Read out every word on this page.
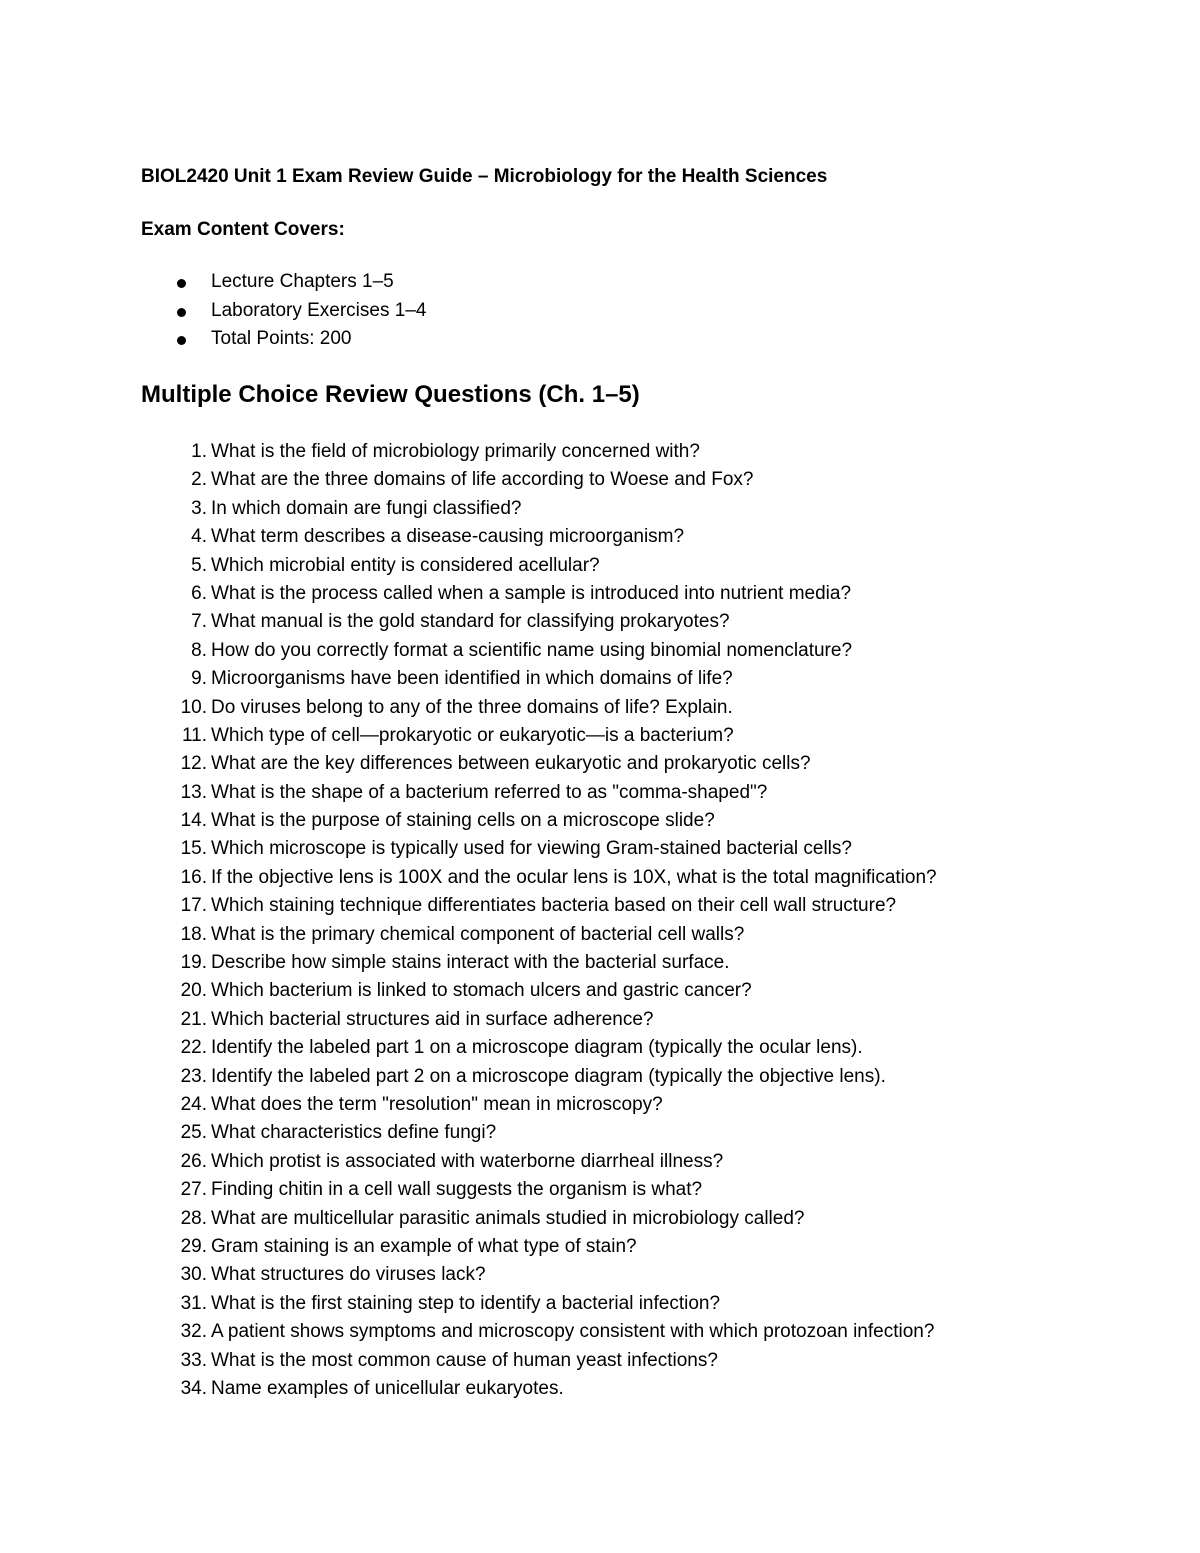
BIOL2420 Unit 1 Exam Review Guide – Microbiology for the Health Sciences

Exam Content Covers:

Lecture Chapters 1–5
Laboratory Exercises 1–4
Total Points: 200
Multiple Choice Review Questions (Ch. 1–5)
1. What is the field of microbiology primarily concerned with?
2. What are the three domains of life according to Woese and Fox?
3. In which domain are fungi classified?
4. What term describes a disease-causing microorganism?
5. Which microbial entity is considered acellular?
6. What is the process called when a sample is introduced into nutrient media?
7. What manual is the gold standard for classifying prokaryotes?
8. How do you correctly format a scientific name using binomial nomenclature?
9. Microorganisms have been identified in which domains of life?
10. Do viruses belong to any of the three domains of life? Explain.
11. Which type of cell—prokaryotic or eukaryotic—is a bacterium?
12. What are the key differences between eukaryotic and prokaryotic cells?
13. What is the shape of a bacterium referred to as "comma-shaped"?
14. What is the purpose of staining cells on a microscope slide?
15. Which microscope is typically used for viewing Gram-stained bacterial cells?
16. If the objective lens is 100X and the ocular lens is 10X, what is the total magnification?
17. Which staining technique differentiates bacteria based on their cell wall structure?
18. What is the primary chemical component of bacterial cell walls?
19. Describe how simple stains interact with the bacterial surface.
20. Which bacterium is linked to stomach ulcers and gastric cancer?
21. Which bacterial structures aid in surface adherence?
22. Identify the labeled part 1 on a microscope diagram (typically the ocular lens).
23. Identify the labeled part 2 on a microscope diagram (typically the objective lens).
24. What does the term "resolution" mean in microscopy?
25. What characteristics define fungi?
26. Which protist is associated with waterborne diarrheal illness?
27. Finding chitin in a cell wall suggests the organism is what?
28. What are multicellular parasitic animals studied in microbiology called?
29. Gram staining is an example of what type of stain?
30. What structures do viruses lack?
31. What is the first staining step to identify a bacterial infection?
32. A patient shows symptoms and microscopy consistent with which protozoan infection?
33. What is the most common cause of human yeast infections?
34. Name examples of unicellular eukaryotes.
